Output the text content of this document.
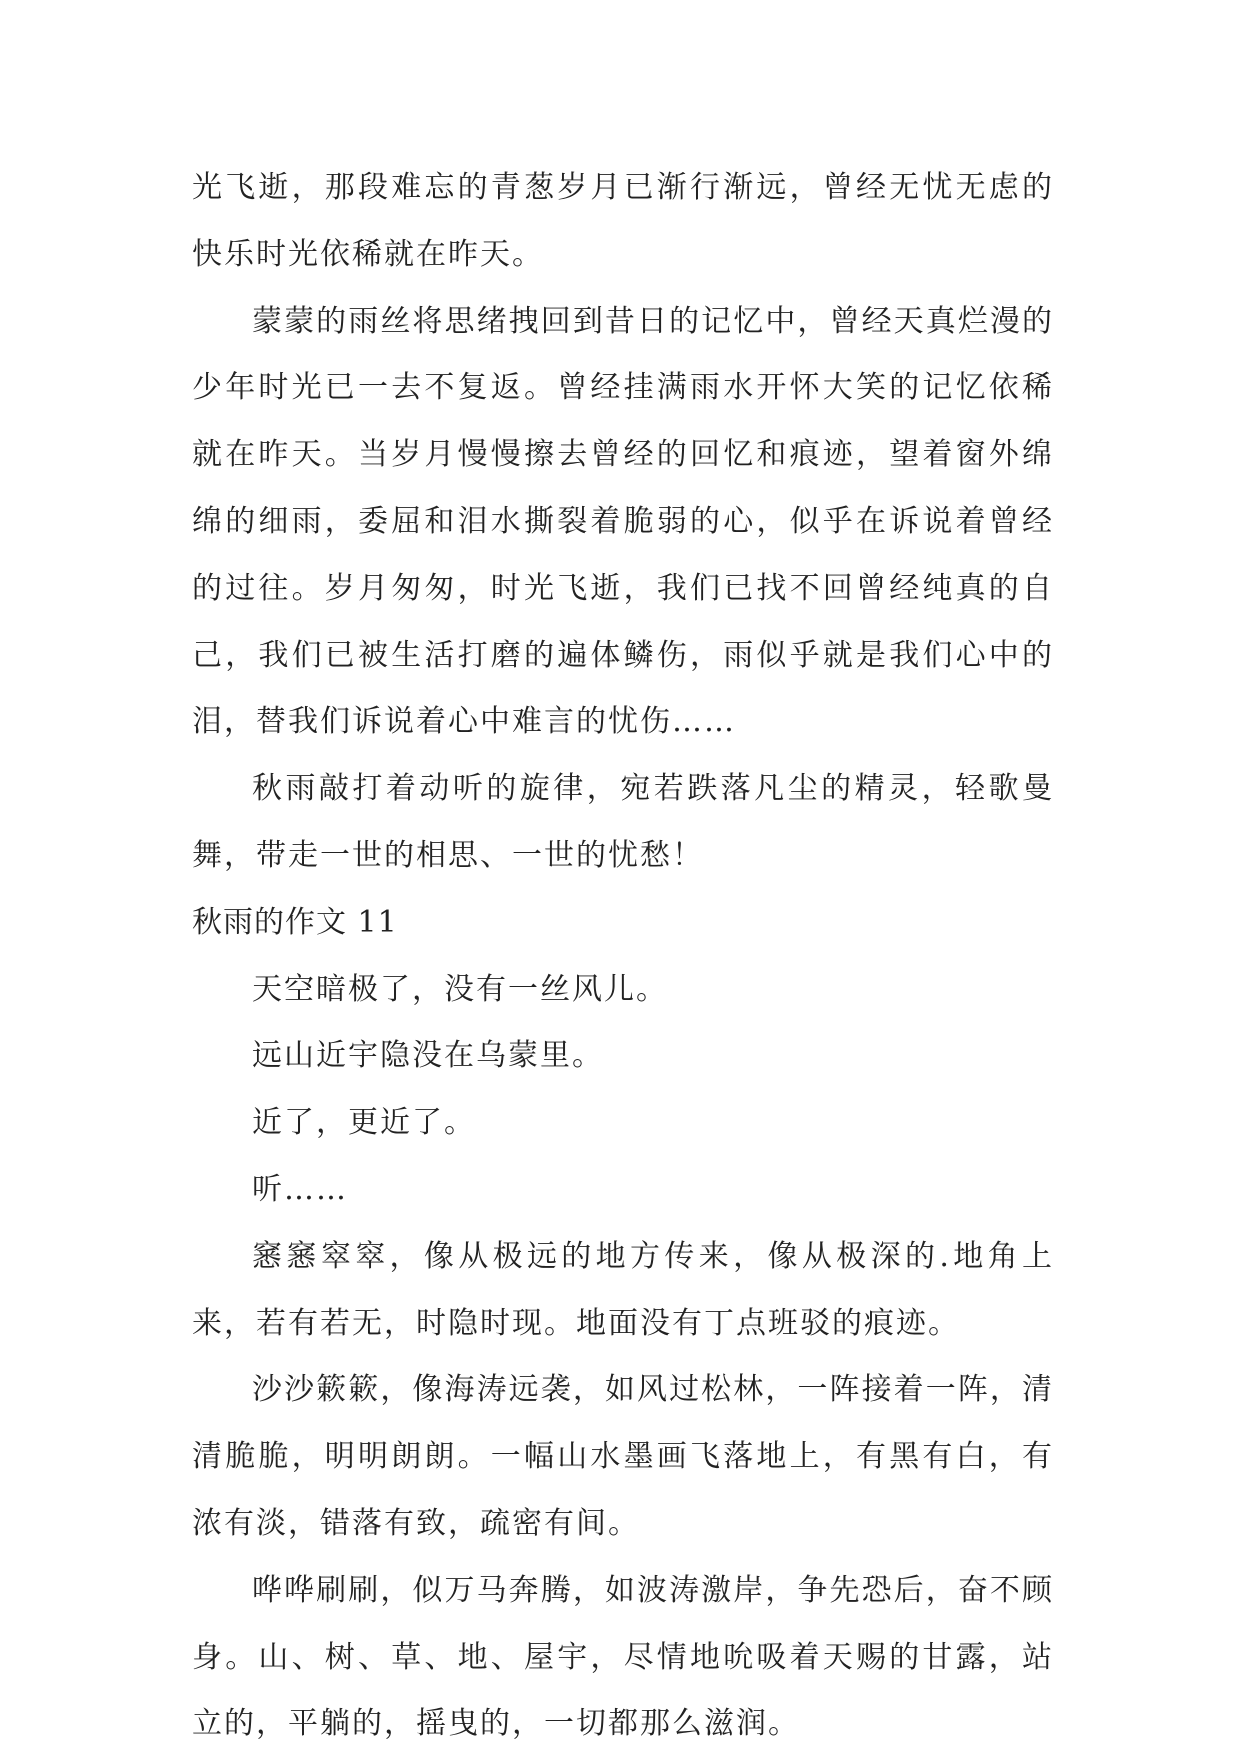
光飞逝，那段难忘的青葱岁月已渐行渐远，曾经无忧无虑的快乐时光依稀就在昨天。

蒙蒙的雨丝将思绪拽回到昔日的记忆中，曾经天真烂漫的少年时光已一去不复返。曾经挂满雨水开怀大笑的记忆依稀就在昨天。当岁月慢慢擦去曾经的回忆和痕迹，望着窗外绵绵的细雨，委屈和泪水撕裂着脆弱的心，似乎在诉说着曾经的过往。岁月匆匆，时光飞逝，我们已找不回曾经纯真的自己，我们已被生活打磨的遍体鳞伤，雨似乎就是我们心中的泪，替我们诉说着心中难言的忧伤……

秋雨敲打着动听的旋律，宛若跌落凡尘的精灵，轻歌曼舞，带走一世的相思、一世的忧愁！

秋雨的作文 11

天空暗极了，没有一丝风儿。

远山近宇隐没在乌蒙里。

近了，更近了。

听……

窸窸窣窣，像从极远的地方传来，像从极深的.地角上来，若有若无，时隐时现。地面没有丁点班驳的痕迹。

沙沙簌簌，像海涛远袭，如风过松林，一阵接着一阵，清清脆脆，明明朗朗。一幅山水墨画飞落地上，有黑有白，有浓有淡，错落有致，疏密有间。

哗哗刷刷，似万马奔腾，如波涛激岸，争先恐后，奋不顾身。山、树、草、地、屋宇，尽情地吮吸着天赐的甘露，站立的，平躺的，摇曳的，一切都那么滋润。
